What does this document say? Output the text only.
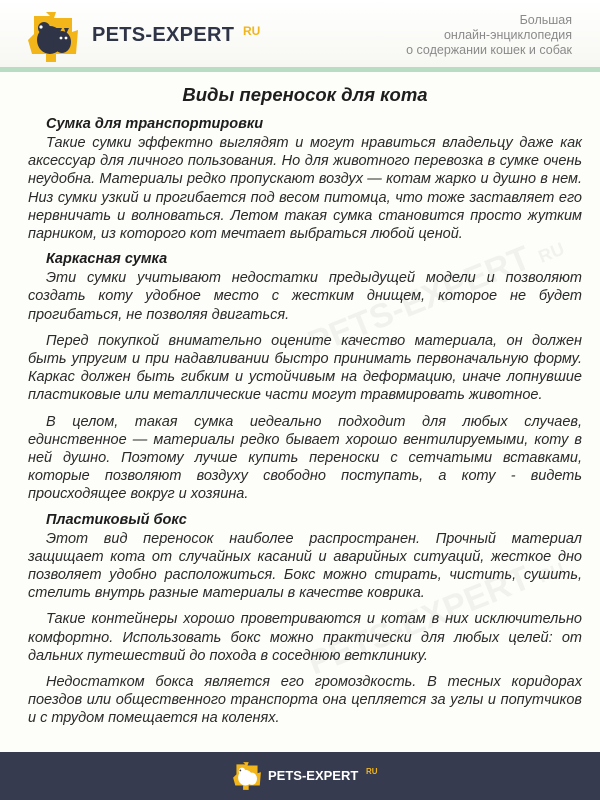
PETS-EXPERT RU
Большая
онлайн-энциклопедия
о содержании кошек и собак
Виды переносок для кота
Сумка для транспортировки

Такие сумки эффектно выглядят и могут нравиться владельцу даже как аксессуар для личного пользования. Но для животного перевозка в сумке очень неудобна. Материалы редко пропускают воздух — котам жарко и душно в нем. Низ сумки узкий и прогибается под весом питомца, что тоже заставляет его нервничать и волноваться. Летом такая сумка становится просто жутким парником, из которого кот мечтает выбраться любой ценой.

Каркасная сумка

Эти сумки учитывают недостатки предыдущей модели и позволяют создать коту удобное место с жестким днищем, которое не будет прогибаться, не позволяя двигаться.

Перед покупкой внимательно оцените качество материала, он должен быть упругим и при надавливании быстро принимать первоначальную форму. Каркас должен быть гибким и устойчивым на деформацию, иначе лопнувшие пластиковые или металлические части могут травмировать животное.

В целом, такая сумка иедеально подходит для любых случаев, единственное — материалы редко бывает хорошо вентилируемыми, коту в ней душно. Поэтому лучше купить переноски с сетчатыми вставками, которые позволяют воздуху свободно поступать, а коту - видеть происходящее вокруг и хозяина.

Пластиковый бокс

Этот вид переносок наиболее распространен. Прочный материал защищает кота от случайных касаний и аварийных ситуаций, жесткое дно позволяет удобно расположиться. Бокс можно стирать, чистить, сушить, стелить внутрь разные материалы в качестве коврика.

Такие контейнеры хорошо проветриваются и котам в них исключительно комфортно. Использовать бокс можно практически для любых целей: от дальних путешествий до похода в соседнюю ветклинику.

Недостатком бокса является его громоздкость. В тесных коридорах поездов или общественного транспорта она цепляется за углы и попутчиков и с трудом помещается на коленях.

PETS-EXPERT RU
